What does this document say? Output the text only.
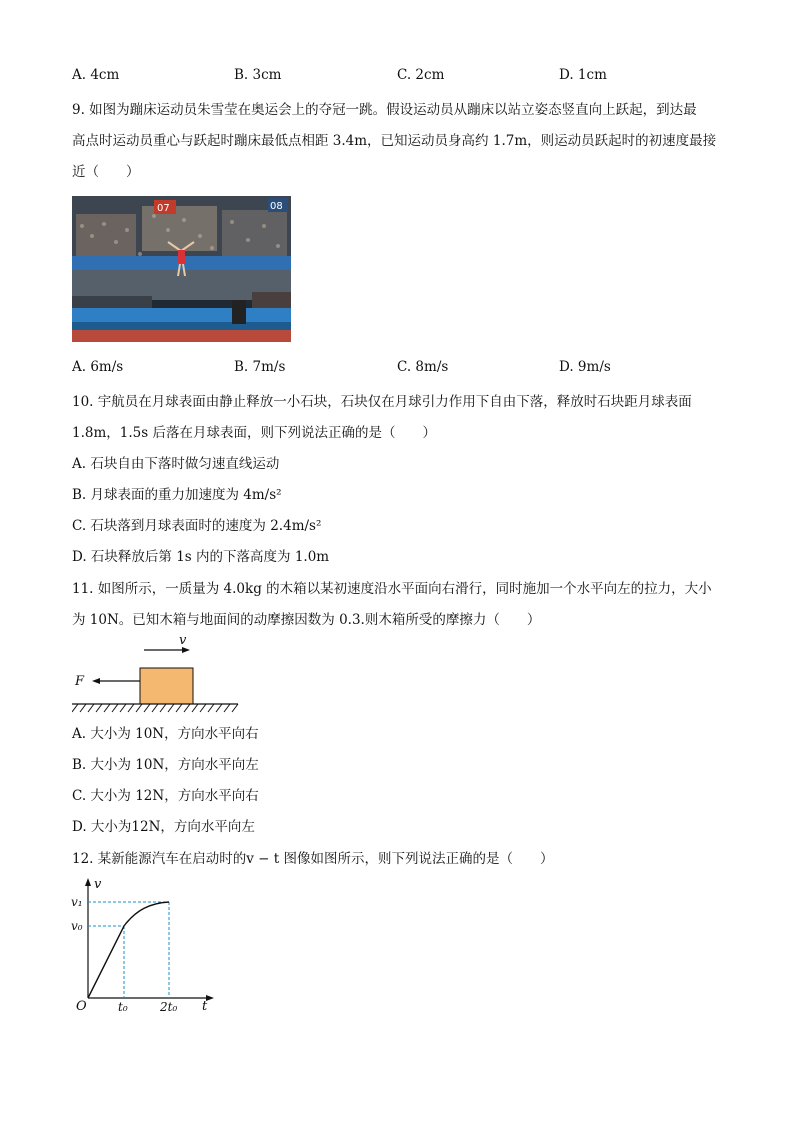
A. 4cm	B. 3cm	C. 2cm	D. 1cm
9. 如图为蹦床运动员朱雪莹在奥运会上的夺冠一跳。假设运动员从蹦床以站立姿态竖直向上跃起，到达最
高点时运动员重心与跃起时蹦床最低点相距 3.4m，已知运动员身高约 1.7m，则运动员跃起时的初速度最接
近（　　）
07	08
A. 6m/s	B. 7m/s	C. 8m/s	D. 9m/s
10. 宇航员在月球表面由静止释放一小石块，石块仅在月球引力作用下自由下落，释放时石块距月球表面
1.8m，1.5s 后落在月球表面，则下列说法正确的是（　　）
A. 石块自由下落时做匀速直线运动
B. 月球表面的重力加速度为 4m/s²
C. 石块落到月球表面时的速度为 2.4m/s²
D. 石块释放后第 1s 内的下落高度为 1.0m
11. 如图所示，一质量为 4.0kg 的木箱以某初速度沿水平面向右滑行，同时施加一个水平向左的拉力，大小
为 10N。已知木箱与地面间的动摩擦因数为 0.3.则木箱所受的摩擦力（　　）
v
F
A. 大小为 10N，方向水平向右
B. 大小为 10N，方向水平向左
C. 大小为 12N，方向水平向右
D. 大小为12N，方向水平向左
12. 某新能源汽车在启动时的v − t 图像如图所示，则下列说法正确的是（　　）
v
t
O
v₁
v₀
t₀	2t₀
